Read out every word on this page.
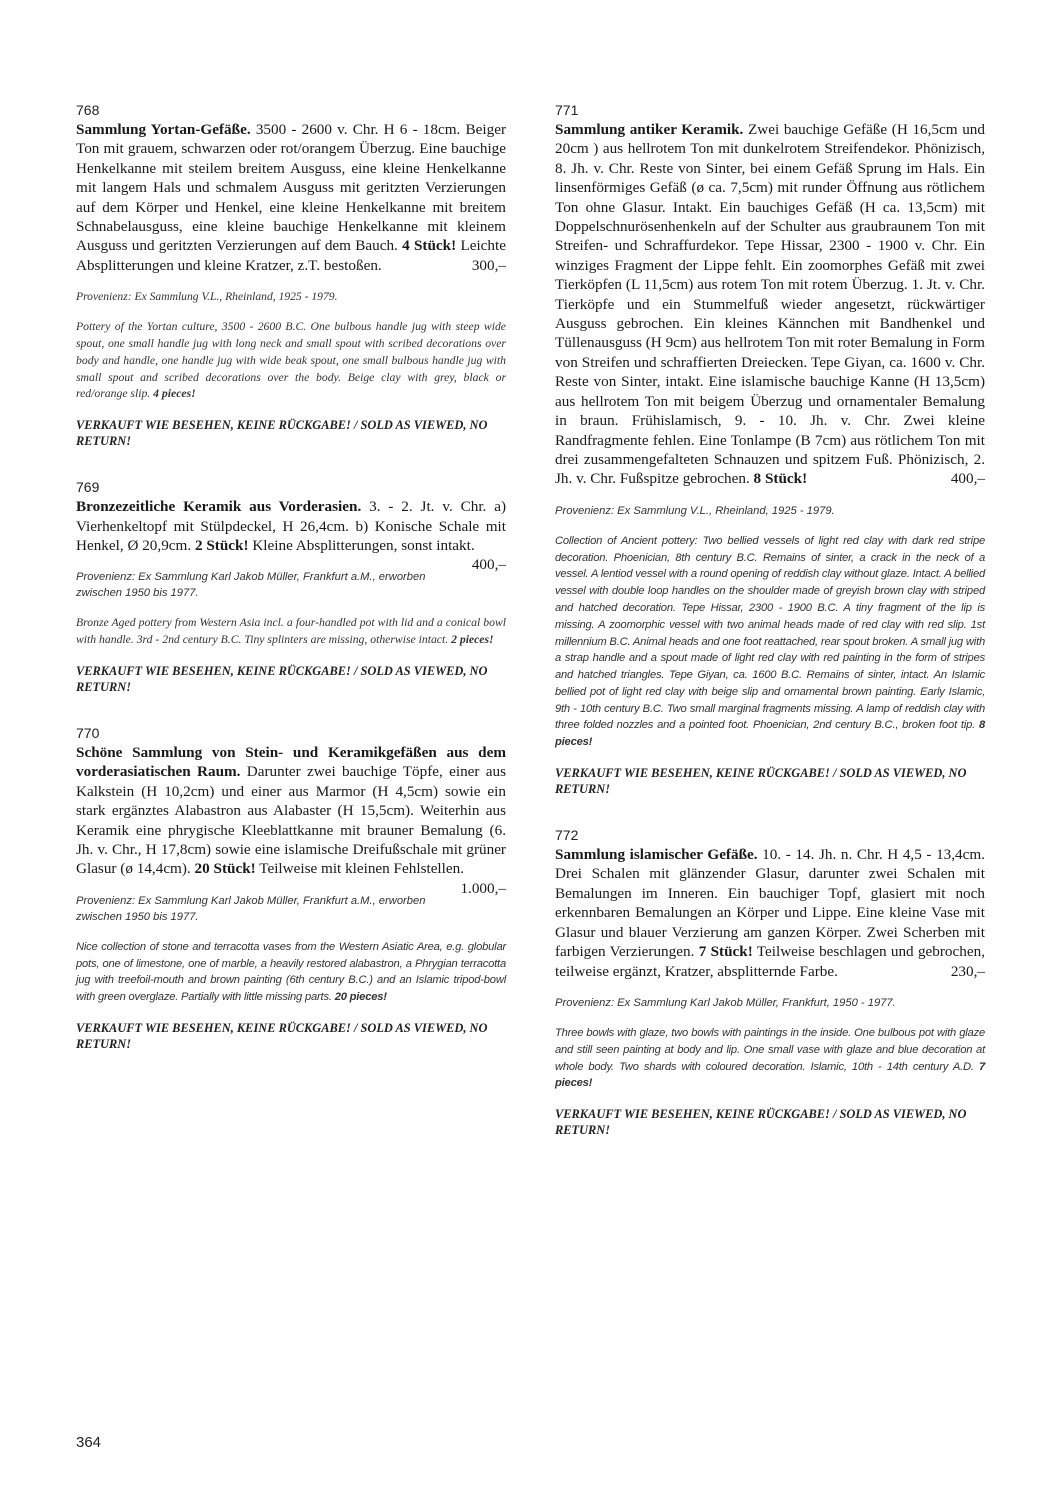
768

Sammlung Yortan-Gefäße. 3500 - 2600 v. Chr. H 6 - 18cm. Beiger Ton mit grauem, schwarzen oder rot/orangem Überzug. Eine bauchige Henkelkanne mit steilem breitem Ausguss, eine kleine Henkelkanne mit langem Hals und schmalem Ausguss mit geritzten Verzierungen auf dem Körper und Henkel, eine kleine Henkelkanne mit breitem Schnabelausguss, eine kleine bauchige Henkelkanne mit kleinem Ausguss und geritzten Verzierungen auf dem Bauch. 4 Stück! Leichte Absplitterungen und kleine Kratzer, z.T. bestoßen.	300,–

Provenienz: Ex Sammlung V.L., Rheinland, 1925 - 1979.

Pottery of the Yortan culture, 3500 - 2600 B.C. One bulbous handle jug with steep wide spout, one small handle jug with long neck and small spout with scribed decorations over body and handle, one handle jug with wide beak spout, one small bulbous handle jug with small spout and scribed decorations over the body. Beige clay with grey, black or red/orange slip. 4 pieces!

VERKAUFT WIE BESEHEN, KEINE RÜCKGABE! / SOLD AS VIEWED, NO RETURN!

769

Bronzezeitliche Keramik aus Vorderasien. 3. - 2. Jt. v. Chr. a) Vierhenkeltopf mit Stülpdeckel, H 26,4cm. b) Konische Schale mit Henkel, Ø 20,9cm. 2 Stück! Kleine Absplitterungen, sonst intakt.
400,–

Provenienz: Ex Sammlung Karl Jakob Müller, Frankfurt a.M., erworben zwischen 1950 bis 1977.

Bronze Aged pottery from Western Asia incl. a four-handled pot with lid and a conical bowl with handle. 3rd - 2nd century B.C. Tiny splinters are missing, otherwise intact. 2 pieces!

VERKAUFT WIE BESEHEN, KEINE RÜCKGABE! / SOLD AS VIEWED, NO RETURN!

770

Schöne Sammlung von Stein- und Keramikgefäßen aus dem vorderasiatischen Raum. Darunter zwei bauchige Töpfe, einer aus Kalkstein (H 10,2cm) und einer aus Marmor (H 4,5cm) sowie ein stark ergänztes Alabastron aus Alabaster (H 15,5cm). Weiterhin aus Keramik eine phrygische Kleeblattkanne mit brauner Bemalung (6. Jh. v. Chr., H 17,8cm) sowie eine islamische Dreifußschale mit grüner Glasur (ø 14,4cm). 20 Stück! Teilweise mit kleinen Fehlstellen.
1.000,–

Provenienz: Ex Sammlung Karl Jakob Müller, Frankfurt a.M., erworben zwischen 1950 bis 1977.

Nice collection of stone and terracotta vases from the Western Asiatic Area, e.g. globular pots, one of limestone, one of marble, a heavily restored alabastron, a Phrygian terracotta jug with treefoil-mouth and brown painting (6th century B.C.) and an Islamic tripod-bowl with green overglaze. Partially with little missing parts. 20 pieces!

VERKAUFT WIE BESEHEN, KEINE RÜCKGABE! / SOLD AS VIEWED, NO RETURN!

771

Sammlung antiker Keramik. Zwei bauchige Gefäße (H 16,5cm und 20cm ) aus hellrotem Ton mit dunkelrotem Streifendekor. Phönizisch, 8. Jh. v. Chr. Reste von Sinter, bei einem Gefäß Sprung im Hals. Ein linsenförmiges Gefäß (ø ca. 7,5cm) mit runder Öffnung aus rötlichem Ton ohne Glasur. Intakt. Ein bauchiges Gefäß (H ca. 13,5cm) mit Doppelschnurösenhenkeln auf der Schulter aus graubraunem Ton mit Streifen- und Schraffurdekor. Tepe Hissar, 2300 - 1900 v. Chr. Ein winziges Fragment der Lippe fehlt. Ein zoomorphes Gefäß mit zwei Tierköpfen (L 11,5cm) aus rotem Ton mit rotem Überzug. 1. Jt. v. Chr. Tierköpfe und ein Stummelfuß wieder angesetzt, rückwärtiger Ausguss gebrochen. Ein kleines Kännchen mit Bandhenkel und Tüllenausguss (H 9cm) aus hellrotem Ton mit roter Bemalung in Form von Streifen und schraffierten Dreiecken. Tepe Giyan, ca. 1600 v. Chr. Reste von Sinter, intakt. Eine islamische bauchige Kanne (H 13,5cm) aus hellrotem Ton mit beigem Überzug und ornamentaler Bemalung in braun. Frühislamisch, 9. - 10. Jh. v. Chr. Zwei kleine Randfragmente fehlen. Eine Tonlampe (B 7cm) aus rötlichem Ton mit drei zusammengefalteten Schnauzen und spitzem Fuß. Phönizisch, 2. Jh. v. Chr. Fußspitze gebrochen. 8 Stück!	400,–

Provenienz: Ex Sammlung V.L., Rheinland, 1925 - 1979.

Collection of Ancient pottery: Two bellied vessels of light red clay with dark red stripe decoration. Phoenician, 8th century B.C. Remains of sinter, a crack in the neck of a vessel. A lentiod vessel with a round opening of reddish clay without glaze. Intact. A bellied vessel with double loop handles on the shoulder made of greyish brown clay with striped and hatched decoration. Tepe Hissar, 2300 - 1900 B.C. A tiny fragment of the lip is missing. A zoomorphic vessel with two animal heads made of red clay with red slip. 1st millennium B.C. Animal heads and one foot reattached, rear spout broken. A small jug with a strap handle and a spout made of light red clay with red painting in the form of stripes and hatched triangles. Tepe Giyan, ca. 1600 B.C. Remains of sinter, intact. An Islamic bellied pot of light red clay with beige slip and ornamental brown painting. Early Islamic, 9th - 10th century B.C. Two small marginal fragments missing. A lamp of reddish clay with three folded nozzles and a pointed foot. Phoenician, 2nd century B.C., broken foot tip. 8 pieces!

VERKAUFT WIE BESEHEN, KEINE RÜCKGABE! / SOLD AS VIEWED, NO RETURN!

772

Sammlung islamischer Gefäße. 10. - 14. Jh. n. Chr. H 4,5 - 13,4cm. Drei Schalen mit glänzender Glasur, darunter zwei Schalen mit Bemalungen im Inneren. Ein bauchiger Topf, glasiert mit noch erkennbaren Bemalungen an Körper und Lippe. Eine kleine Vase mit Glasur und blauer Verzierung am ganzen Körper. Zwei Scherben mit farbigen Verzierungen. 7 Stück! Teilweise beschlagen und gebrochen, teilweise ergänzt, Kratzer, absplitternde Farbe.	230,–

Provenienz: Ex Sammlung Karl Jakob Müller, Frankfurt, 1950 - 1977.

Three bowls with glaze, two bowls with paintings in the inside. One bulbous pot with glaze and still seen painting at body and lip. One small vase with glaze and blue decoration at whole body. Two shards with coloured decoration. Islamic, 10th - 14th century A.D. 7 pieces!

VERKAUFT WIE BESEHEN, KEINE RÜCKGABE! / SOLD AS VIEWED, NO RETURN!

364
